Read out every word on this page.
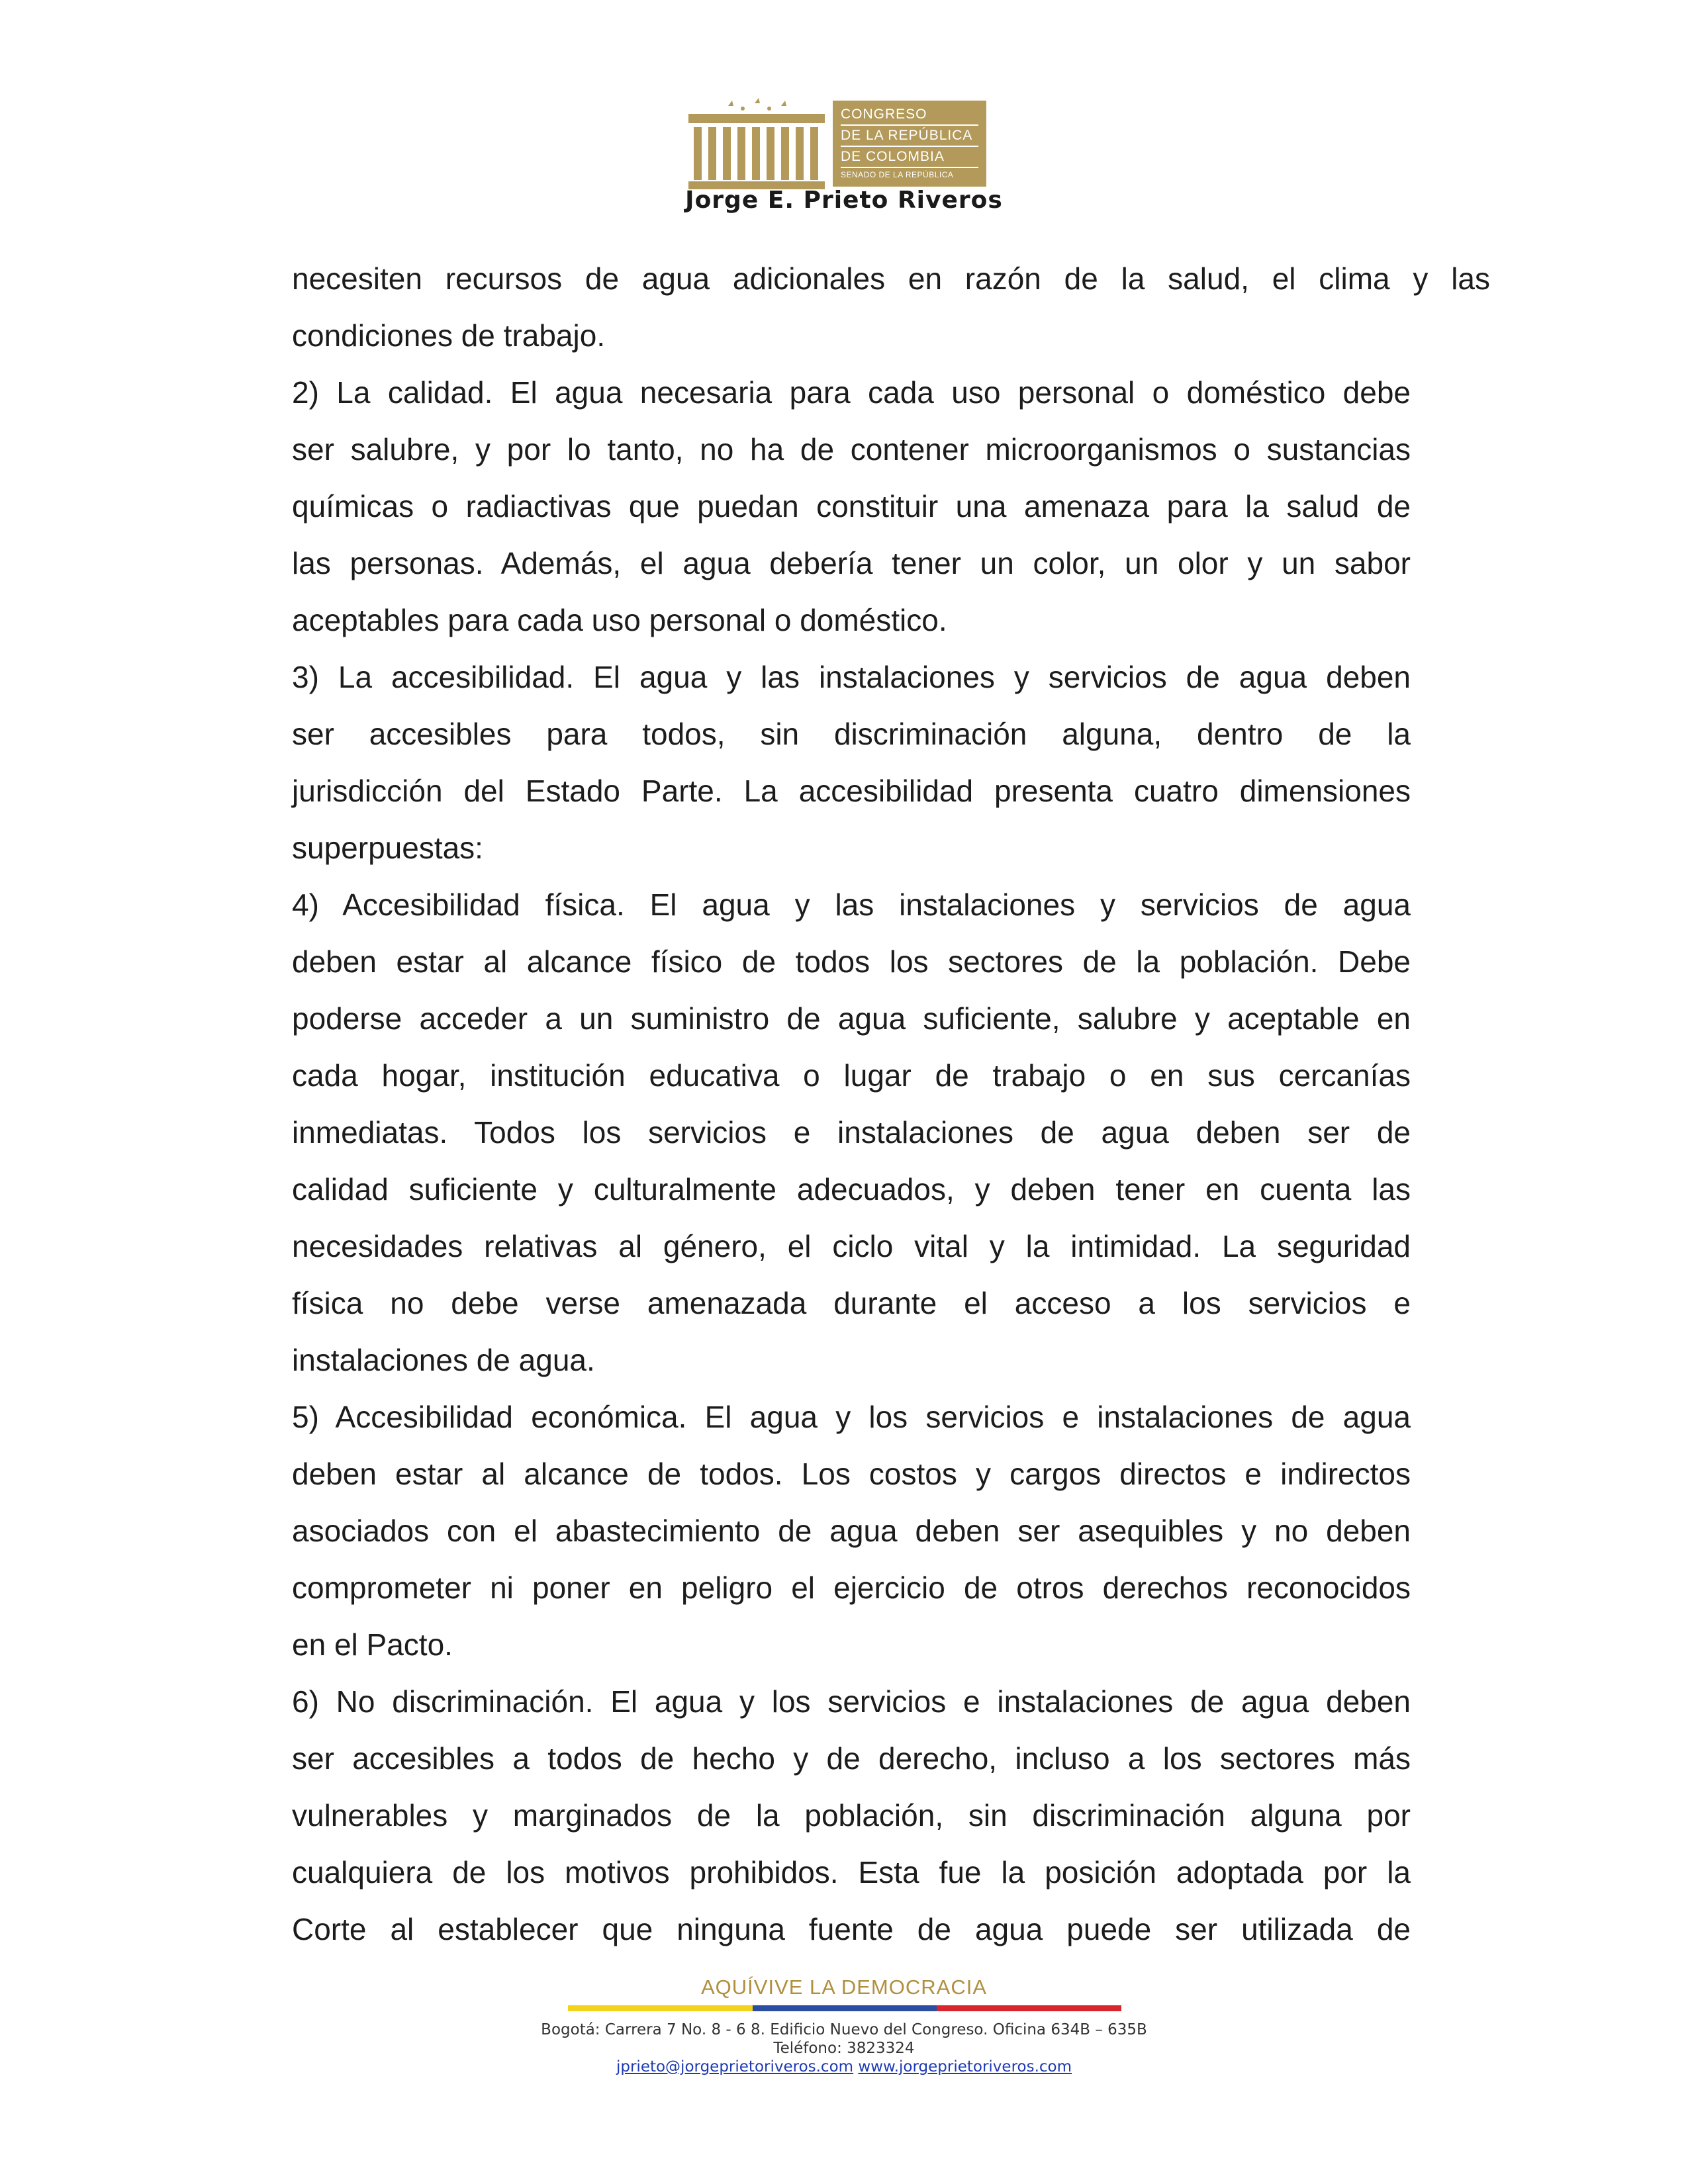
CONGRESO
DE LA REPÚBLICA
DE COLOMBIA
SENADO DE LA REPÚBLICA
Jorge E. Prieto Riveros
necesiten recursos de agua adicionales en razón de la salud, el clima y las
condiciones de trabajo.
2) La calidad. El agua necesaria para cada uso personal o doméstico debe
ser salubre, y por lo tanto, no ha de contener microorganismos o sustancias
químicas o radiactivas que puedan constituir una amenaza para la salud de
las personas. Además, el agua debería tener un color, un olor y un sabor
aceptables para cada uso personal o doméstico.
3) La accesibilidad. El agua y las instalaciones y servicios de agua deben
ser accesibles para todos, sin discriminación alguna, dentro de la
jurisdicción del Estado Parte. La accesibilidad presenta cuatro dimensiones
superpuestas:
4) Accesibilidad física. El agua y las instalaciones y servicios de agua
deben estar al alcance físico de todos los sectores de la población. Debe
poderse acceder a un suministro de agua suficiente, salubre y aceptable en
cada hogar, institución educativa o lugar de trabajo o en sus cercanías
inmediatas. Todos los servicios e instalaciones de agua deben ser de
calidad suficiente y culturalmente adecuados, y deben tener en cuenta las
necesidades relativas al género, el ciclo vital y la intimidad. La seguridad
física no debe verse amenazada durante el acceso a los servicios e
instalaciones de agua.
5) Accesibilidad económica. El agua y los servicios e instalaciones de agua
deben estar al alcance de todos. Los costos y cargos directos e indirectos
asociados con el abastecimiento de agua deben ser asequibles y no deben
comprometer ni poner en peligro el ejercicio de otros derechos reconocidos
en el Pacto.
6) No discriminación. El agua y los servicios e instalaciones de agua deben
ser accesibles a todos de hecho y de derecho, incluso a los sectores más
vulnerables y marginados de la población, sin discriminación alguna por
cualquiera de los motivos prohibidos. Esta fue la posición adoptada por la
Corte al establecer que ninguna fuente de agua puede ser utilizada de
AQUÍVIVE LA DEMOCRACIA
Bogotá: Carrera 7 No. 8 - 6 8. Edificio Nuevo del Congreso. Oficina 634B – 635B
Teléfono: 3823324
jprieto@jorgeprietoriveros.com www.jorgeprietoriveros.com
